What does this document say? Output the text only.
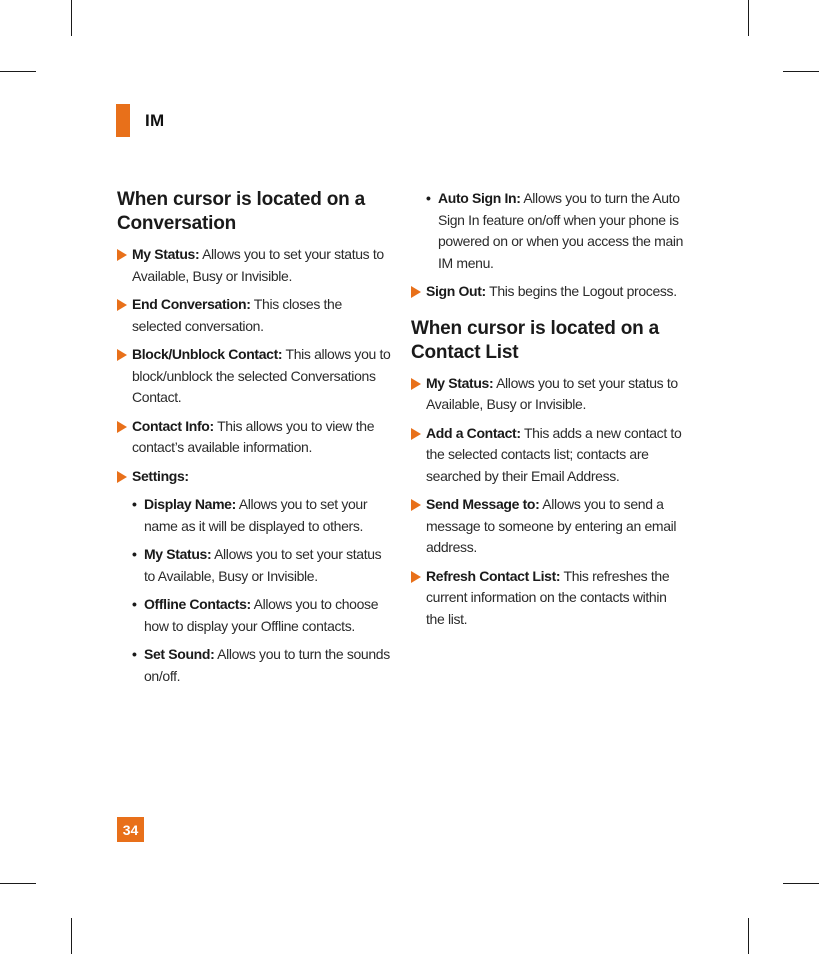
IM
When cursor is located on a Conversation
My Status: Allows you to set your status to Available, Busy or Invisible.
End Conversation: This closes the selected conversation.
Block/Unblock Contact: This allows you to block/unblock the selected Conversations Contact.
Contact Info: This allows you to view the contact’s available information.
Settings:
• Display Name: Allows you to set your name as it will be displayed to others.
• My Status: Allows you to set your status to Available, Busy or Invisible.
• Offline Contacts: Allows you to choose how to display your Offline contacts.
• Set Sound: Allows you to turn the sounds on/off.
• Auto Sign In: Allows you to turn the Auto Sign In feature on/off when your phone is powered on or when you access the main IM menu.
Sign Out: This begins the Logout process.
When cursor is located on a Contact List
My Status: Allows you to set your status to Available, Busy or Invisible.
Add a Contact: This adds a new contact to the selected contacts list; contacts are searched by their Email Address.
Send Message to: Allows you to send a message to someone by entering an email address.
Refresh Contact List: This refreshes the current information on the contacts within the list.
34
